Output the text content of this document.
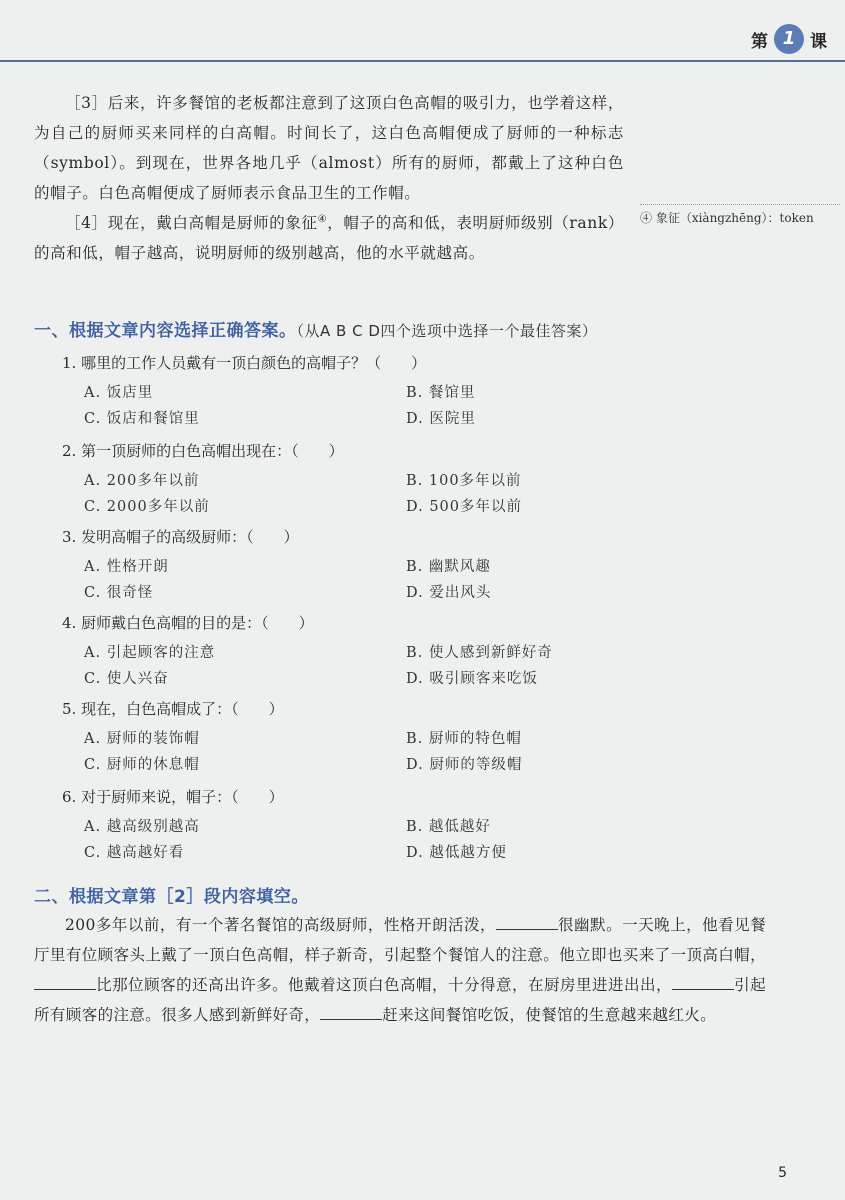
第 1 课

［3］后来，许多餐馆的老板都注意到了这顶白色高帽的吸引力，也学着这样，为自己的厨师买来同样的白高帽。时间长了，这白色高帽便成了厨师的一种标志（symbol）。到现在，世界各地几乎（almost）所有的厨师，都戴上了这种白色的帽子。白色高帽便成了厨师表示食品卫生的工作帽。

［4］现在，戴白高帽是厨师的象征④，帽子的高和低，表明厨师级别（rank）的高和低，帽子越高，说明厨师的级别越高，他的水平就越高。

④ 象征（xiàngzhēng）：token
一、根据文章内容选择正确答案。（从A B C D四个选项中选择一个最佳答案）
1. 哪里的工作人员戴有一顶白颜色的高帽子？（　　）
A. 饭店里	B. 餐馆里
C. 饭店和餐馆里	D. 医院里
2. 第一顶厨师的白色高帽出现在：（　　）
A. 200多年以前	B. 100多年以前
C. 2000多年以前	D. 500多年以前
3. 发明高帽子的高级厨师：（　　）
A. 性格开朗	B. 幽默风趣
C. 很奇怪	D. 爱出风头
4. 厨师戴白色高帽的目的是：（　　）
A. 引起顾客的注意	B. 使人感到新鲜好奇
C. 使人兴奋	D. 吸引顾客来吃饭
5. 现在，白色高帽成了：（　　）
A. 厨师的装饰帽	B. 厨师的特色帽
C. 厨师的休息帽	D. 厨师的等级帽
6. 对于厨师来说，帽子：（　　）
A. 越高级别越高	B. 越低越好
C. 越高越好看	D. 越低越方便
二、根据文章第［2］段内容填空。

200多年以前，有一个著名餐馆的高级厨师，性格开朗活泼，	很幽默。一天晚上，他看见餐厅里有位顾客头上戴了一顶白色高帽，样子新奇，引起整个餐馆人的注意。他立即也买来了一顶高白帽，比那位顾客的还高出许多。他戴着这顶白色高帽，十分得意，在厨房里进进出出，	引起所有顾客的注意。很多人感到新鲜好奇，	赶来这间餐馆吃饭，使餐馆的生意越来越红火。

5
